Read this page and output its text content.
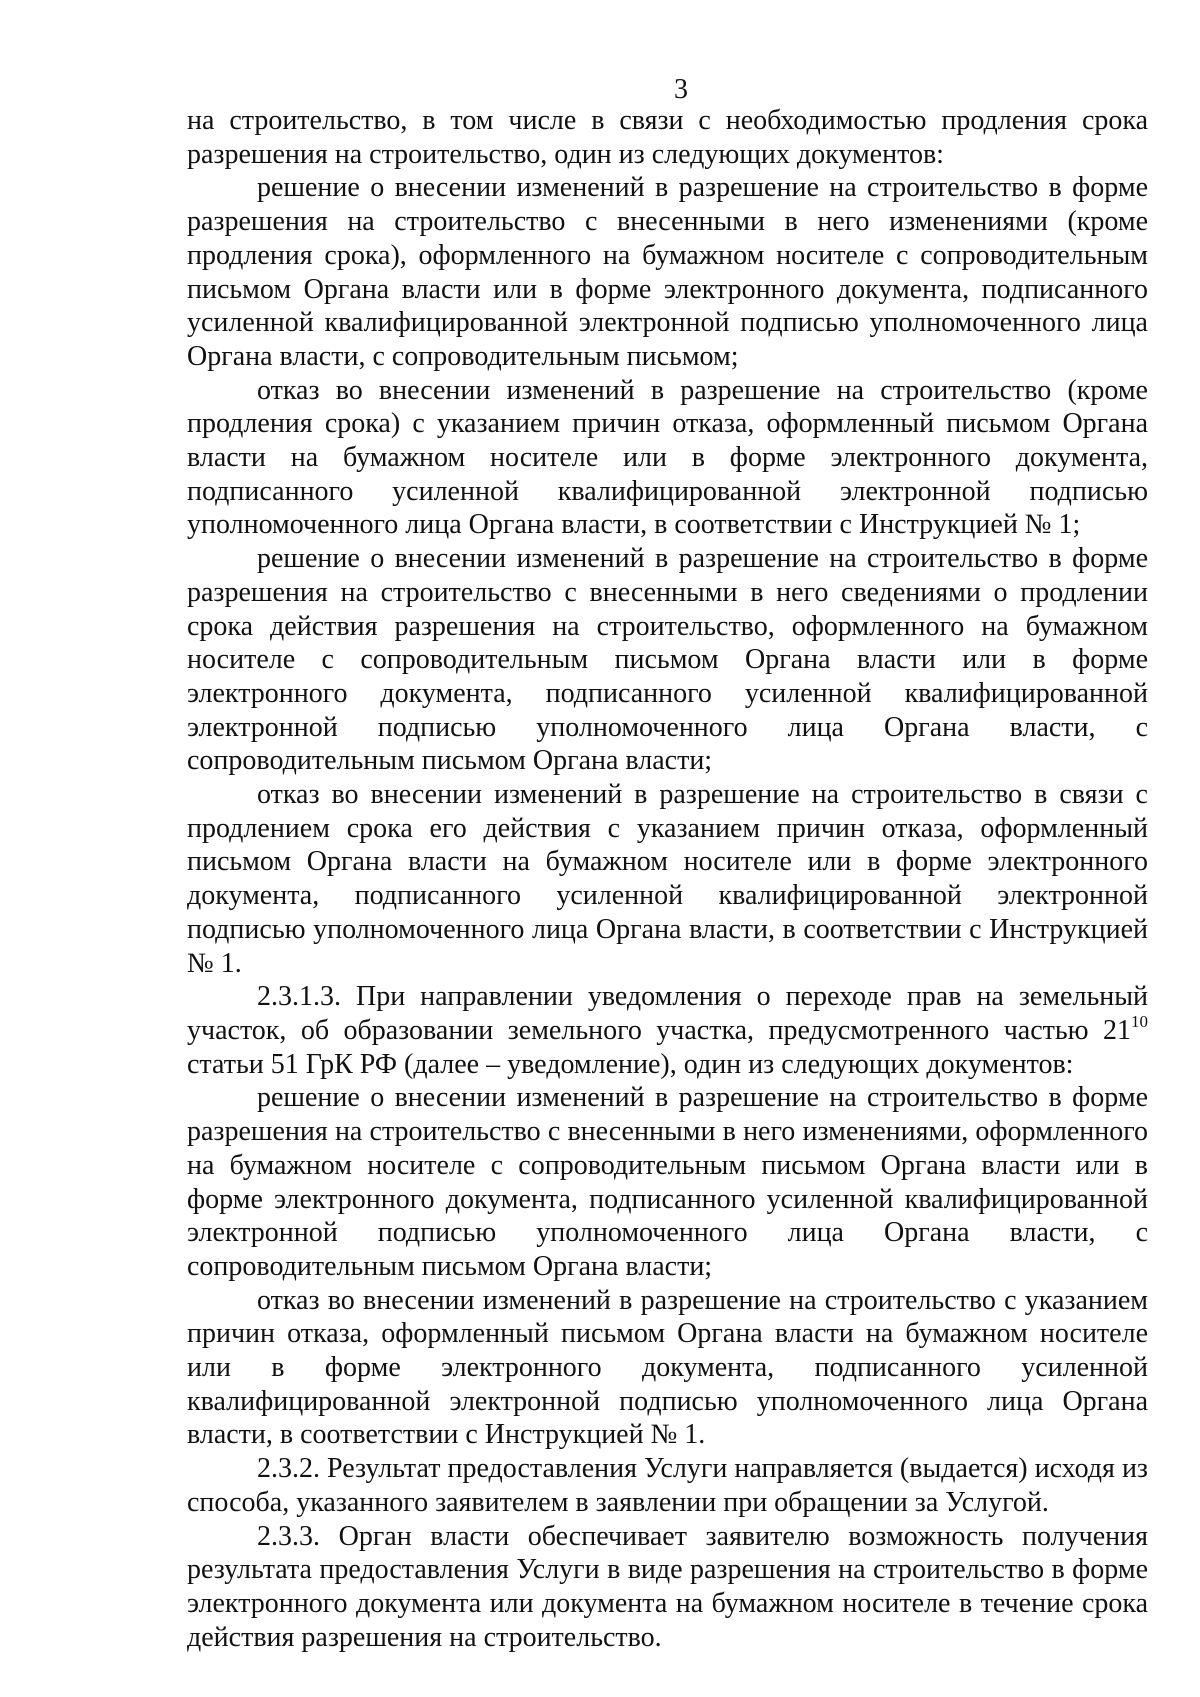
3

на строительство, в том числе в связи с необходимостью продления срока разрешения на строительство, один из следующих документов:

решение о внесении изменений в разрешение на строительство в форме разрешения на строительство с внесенными в него изменениями (кроме продления срока), оформленного на бумажном носителе с сопроводительным письмом Органа власти или в форме электронного документа, подписанного усиленной квалифицированной электронной подписью уполномоченного лица Органа власти, с сопроводительным письмом;

отказ во внесении изменений в разрешение на строительство (кроме продления срока) с указанием причин отказа, оформленный письмом Органа власти на бумажном носителе или в форме электронного документа, подписанного усиленной квалифицированной электронной подписью уполномоченного лица Органа власти, в соответствии с Инструкцией № 1;

решение о внесении изменений в разрешение на строительство в форме разрешения на строительство с внесенными в него сведениями о продлении срока действия разрешения на строительство, оформленного на бумажном носителе с сопроводительным письмом Органа власти или в форме электронного документа, подписанного усиленной квалифицированной электронной подписью уполномоченного лица Органа власти, с сопроводительным письмом Органа власти;

отказ во внесении изменений в разрешение на строительство в связи с продлением срока его действия с указанием причин отказа, оформленный письмом Органа власти на бумажном носителе или в форме электронного документа, подписанного усиленной квалифицированной электронной подписью уполномоченного лица Органа власти, в соответствии с Инструкцией № 1.

2.3.1.3. При направлении уведомления о переходе прав на земельный участок, об образовании земельного участка, предусмотренного частью $21^{10}$ статьи 51 ГрК РФ (далее – уведомление), один из следующих документов:

решение о внесении изменений в разрешение на строительство в форме разрешения на строительство с внесенными в него изменениями, оформленного на бумажном носителе с сопроводительным письмом Органа власти или в форме электронного документа, подписанного усиленной квалифицированной электронной подписью уполномоченного лица Органа власти, с сопроводительным письмом Органа власти;

отказ во внесении изменений в разрешение на строительство с указанием причин отказа, оформленный письмом Органа власти на бумажном носителе или в форме электронного документа, подписанного усиленной квалифицированной электронной подписью уполномоченного лица Органа власти, в соответствии с Инструкцией № 1.

2.3.2. Результат предоставления Услуги направляется (выдается) исходя из способа, указанного заявителем в заявлении при обращении за Услугой.

2.3.3. Орган власти обеспечивает заявителю возможность получения результата предоставления Услуги в виде разрешения на строительство в форме электронного документа или документа на бумажном носителе в течение срока действия разрешения на строительство.
